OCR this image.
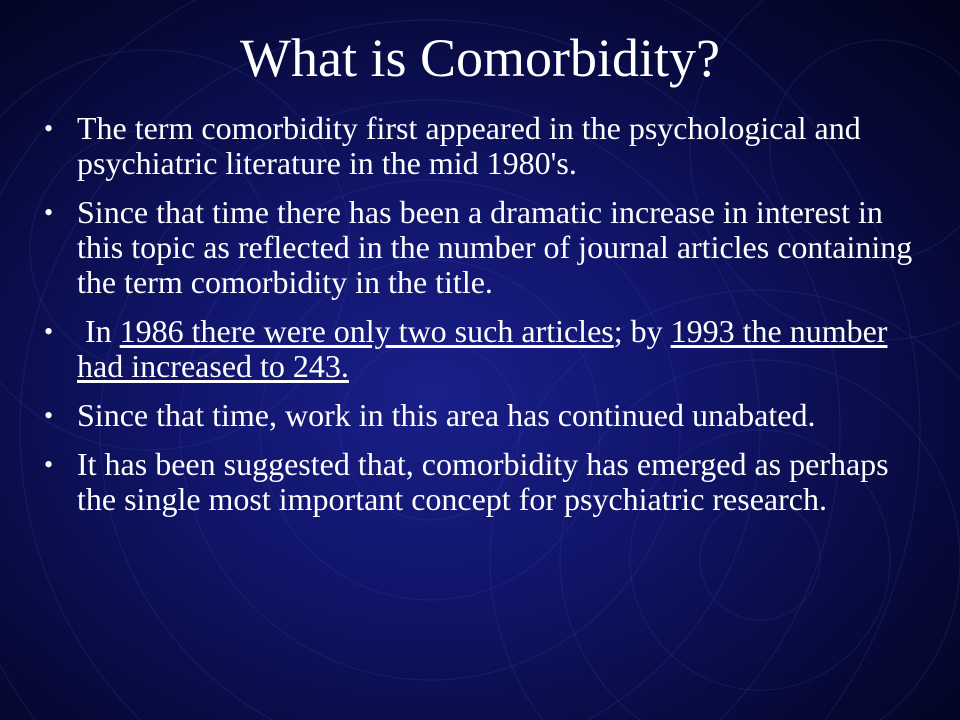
What is Comorbidity?
• The term comorbidity first appeared in the psychological and psychiatric literature in the mid 1980's.
• Since that time there has been a dramatic increase in interest in this topic as reflected in the number of journal articles containing the term comorbidity in the title.
• In 1986 there were only two such articles; by 1993 the number had increased to 243.
• Since that time, work in this area has continued unabated.
• It has been suggested that, comorbidity has emerged as perhaps the single most important concept for psychiatric research.
